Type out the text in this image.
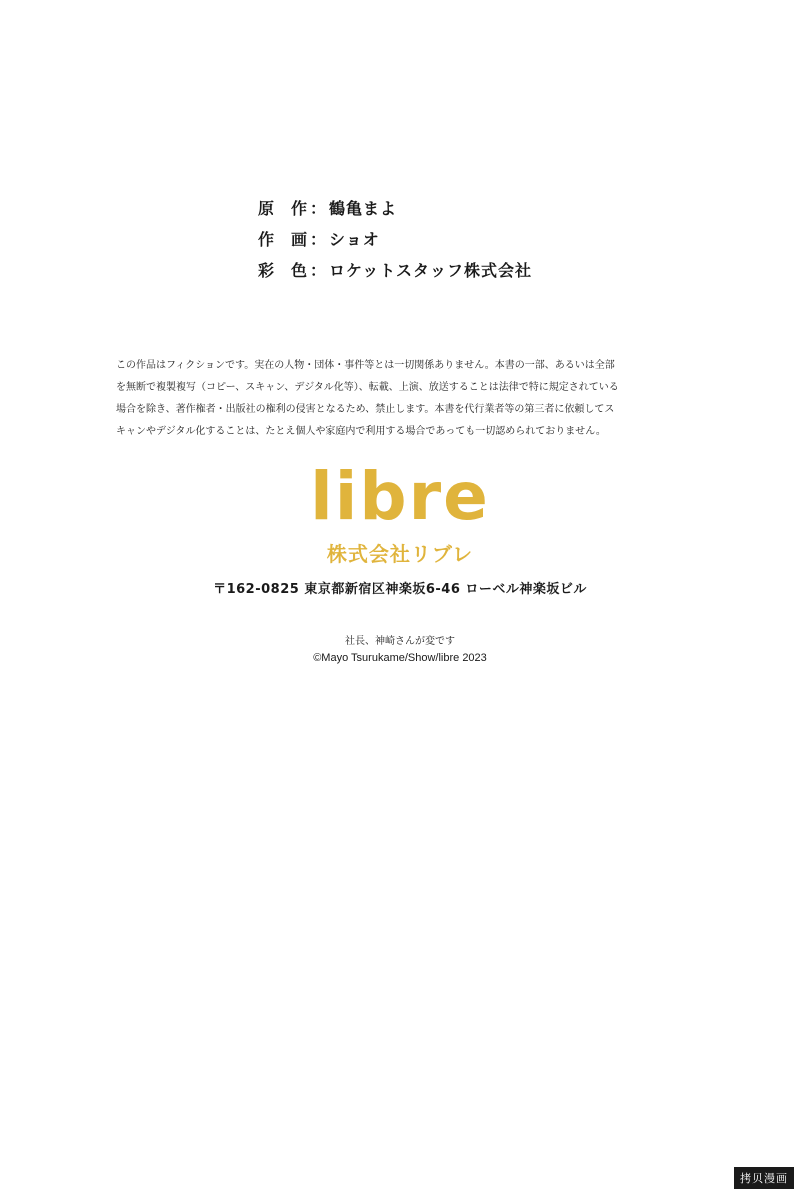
原 作 ： 鶴亀まよ
作 画 ： ショオ
彩 色 ： ロケットスタッフ株式会社
この作品はフィクションです。実在の人物・団体・事件等とは一切関係ありません。本書の一部、あるいは全部
を無断で複製複写（コピー、スキャン、デジタル化等）、転載、上演、放送することは法律で特に規定されている
場合を除き、著作権者・出版社の権利の侵害となるため、禁止します。本書を代行業者等の第三者に依頼してス
キャンやデジタル化することは、たとえ個人や家庭内で利用する場合であっても一切認められておりません。
libre
株式会社リブレ
〒162-0825 東京都新宿区神楽坂6-46 ローベル神楽坂ビル
社長、神崎さんが変です
©Mayo Tsurukame/Show/libre 2023
拷贝漫画
